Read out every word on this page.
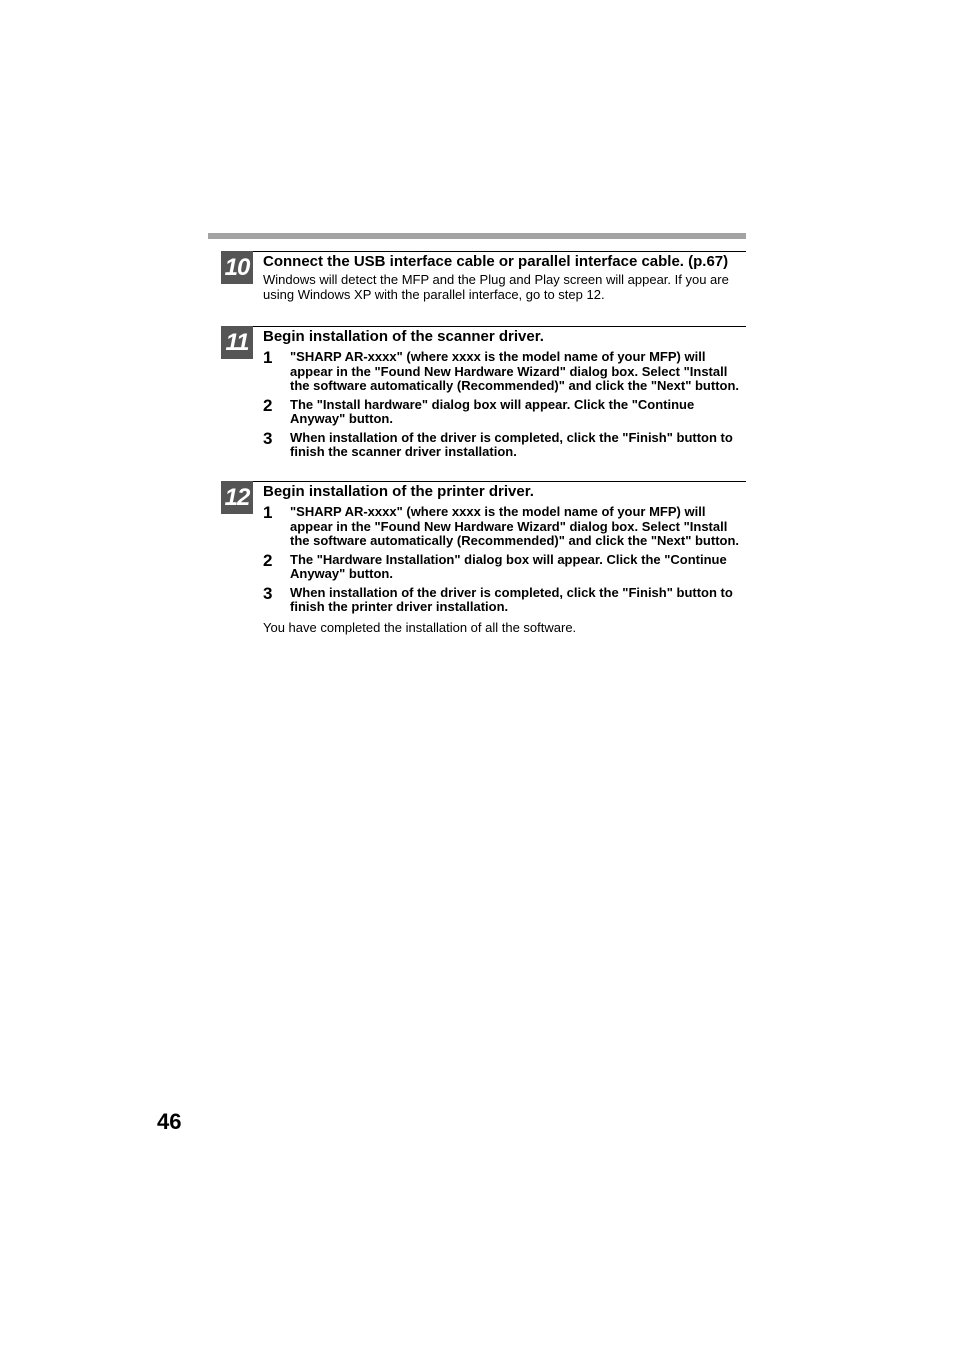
10 Connect the USB interface cable or parallel interface cable. (p.67)

Windows will detect the MFP and the Plug and Play screen will appear. If you are using Windows XP with the parallel interface, go to step 12.

11 Begin installation of the scanner driver.

1 "SHARP AR-xxxx" (where xxxx is the model name of your MFP) will appear in the "Found New Hardware Wizard" dialog box. Select "Install the software automatically (Recommended)" and click the "Next" button.

2 The "Install hardware" dialog box will appear. Click the "Continue Anyway" button.

3 When installation of the driver is completed, click the "Finish" button to finish the scanner driver installation.

12 Begin installation of the printer driver.

1 "SHARP AR-xxxx" (where xxxx is the model name of your MFP) will appear in the "Found New Hardware Wizard" dialog box. Select "Install the software automatically (Recommended)" and click the "Next" button.

2 The "Hardware Installation" dialog box will appear. Click the "Continue Anyway" button.

3 When installation of the driver is completed, click the "Finish" button to finish the printer driver installation.

You have completed the installation of all the software.

46
